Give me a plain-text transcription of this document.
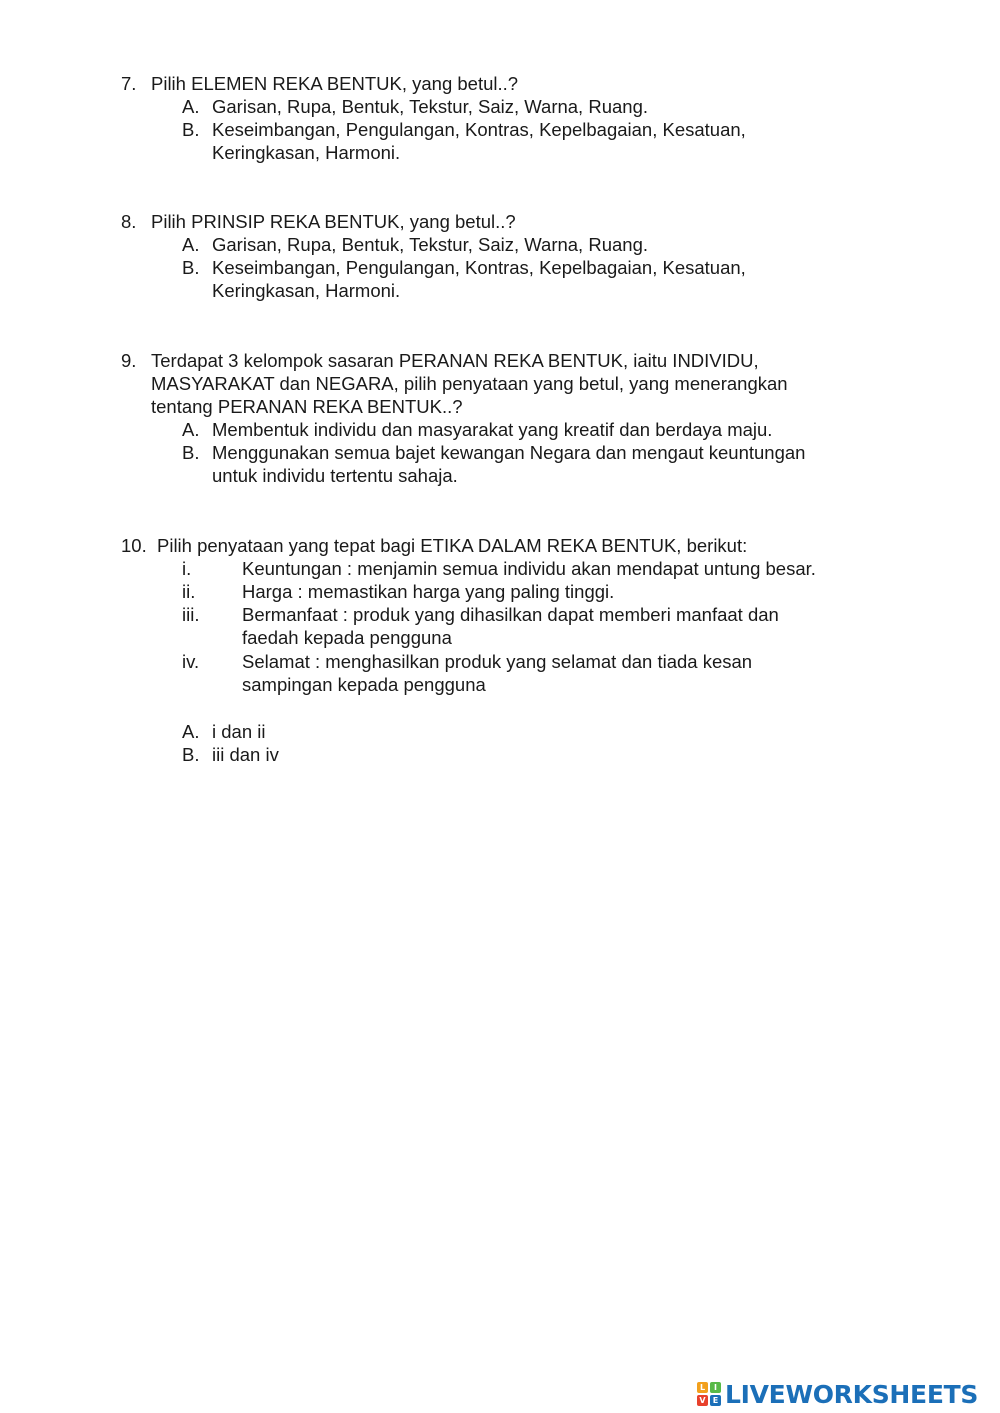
7. Pilih ELEMEN REKA BENTUK, yang betul..?
A. Garisan, Rupa, Bentuk, Tekstur, Saiz, Warna, Ruang.
B. Keseimbangan, Pengulangan, Kontras, Kepelbagaian, Kesatuan,
Keringkasan, Harmoni.
8. Pilih PRINSIP REKA BENTUK, yang betul..?
A. Garisan, Rupa, Bentuk, Tekstur, Saiz, Warna, Ruang.
B. Keseimbangan, Pengulangan, Kontras, Kepelbagaian, Kesatuan,
Keringkasan, Harmoni.
9. Terdapat 3 kelompok sasaran PERANAN REKA BENTUK, iaitu INDIVIDU,
MASYARAKAT dan NEGARA, pilih penyataan yang betul, yang menerangkan
tentang PERANAN REKA BENTUK..?
A. Membentuk individu dan masyarakat yang kreatif dan berdaya maju.
B. Menggunakan semua bajet kewangan Negara dan mengaut keuntungan
untuk individu tertentu sahaja.
10. Pilih penyataan yang tepat bagi ETIKA DALAM REKA BENTUK, berikut:
i.	Keuntungan : menjamin semua individu akan mendapat untung besar.
ii.	Harga : memastikan harga yang paling tinggi.
iii. Bermanfaat : produk yang dihasilkan dapat memberi manfaat dan
faedah kepada pengguna
iv. Selamat : menghasilkan produk yang selamat dan tiada kesan
sampingan kepada pengguna
A. i dan ii
B. iii dan iv
L	I
V E LIVEWORKSHEETS
